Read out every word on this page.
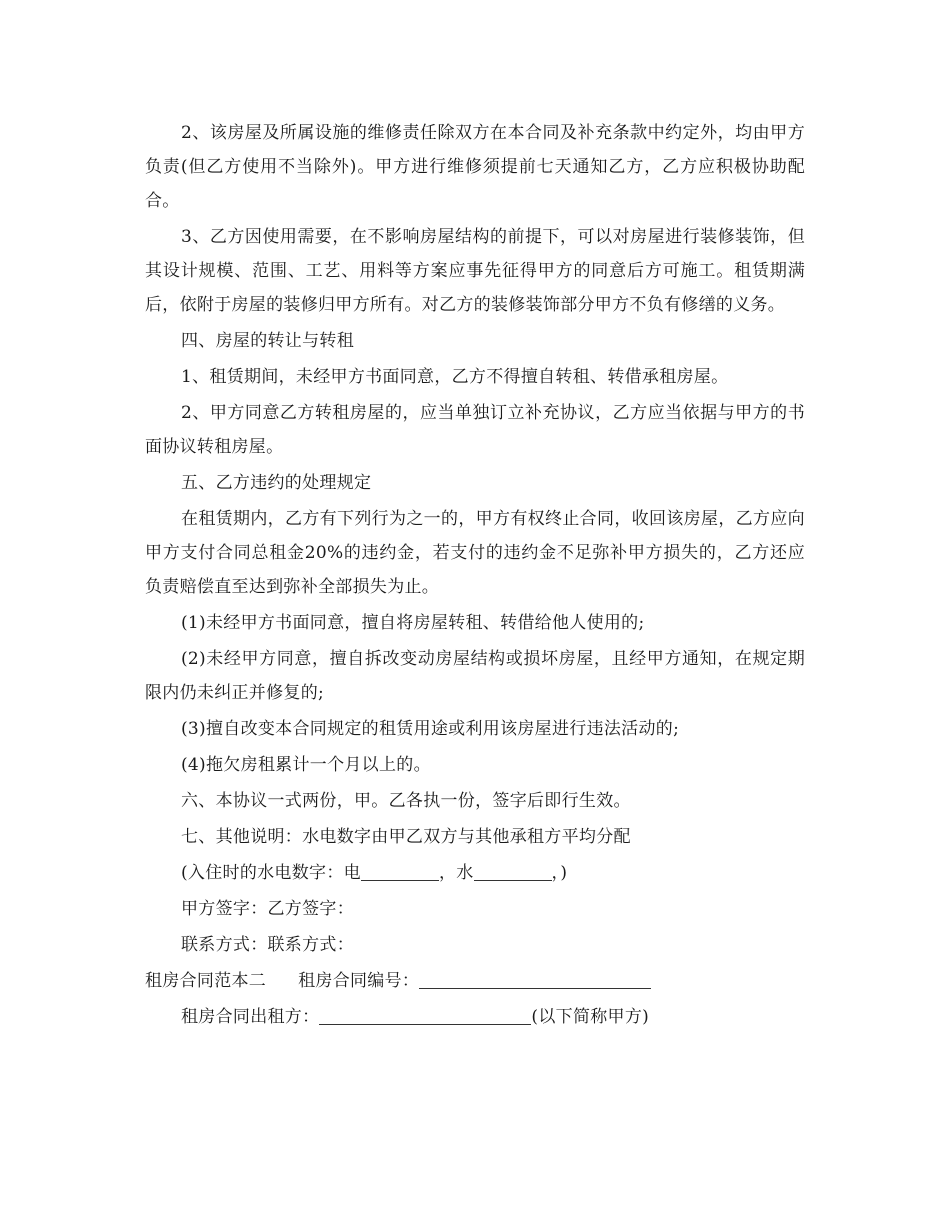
2、该房屋及所属设施的维修责任除双方在本合同及补充条款中约定外，均由甲方负责(但乙方使用不当除外)。甲方进行维修须提前七天通知乙方，乙方应积极协助配合。

3、乙方因使用需要，在不影响房屋结构的前提下，可以对房屋进行装修装饰，但其设计规模、范围、工艺、用料等方案应事先征得甲方的同意后方可施工。租赁期满后，依附于房屋的装修归甲方所有。对乙方的装修装饰部分甲方不负有修缮的义务。

四、房屋的转让与转租

1、租赁期间，未经甲方书面同意，乙方不得擅自转租、转借承租房屋。

2、甲方同意乙方转租房屋的，应当单独订立补充协议，乙方应当依据与甲方的书面协议转租房屋。

五、乙方违约的处理规定

在租赁期内，乙方有下列行为之一的，甲方有权终止合同，收回该房屋，乙方应向甲方支付合同总租金20%的违约金，若支付的违约金不足弥补甲方损失的，乙方还应负责赔偿直至达到弥补全部损失为止。

(1)未经甲方书面同意，擅自将房屋转租、转借给他人使用的;

(2)未经甲方同意，擅自拆改变动房屋结构或损坏房屋，且经甲方通知，在规定期限内仍未纠正并修复的;

(3)擅自改变本合同规定的租赁用途或利用该房屋进行违法活动的;

(4)拖欠房租累计一个月以上的。

六、本协议一式两份，甲。乙各执一份，签字后即行生效。

七、其他说明：水电数字由甲乙双方与其他承租方平均分配

(入住时的水电数字：电	，水	，)

甲方签字：乙方签字：

联系方式：联系方式：

租房合同范本二 租房合同编号：

租房合同出租方：	(以下简称甲方)
